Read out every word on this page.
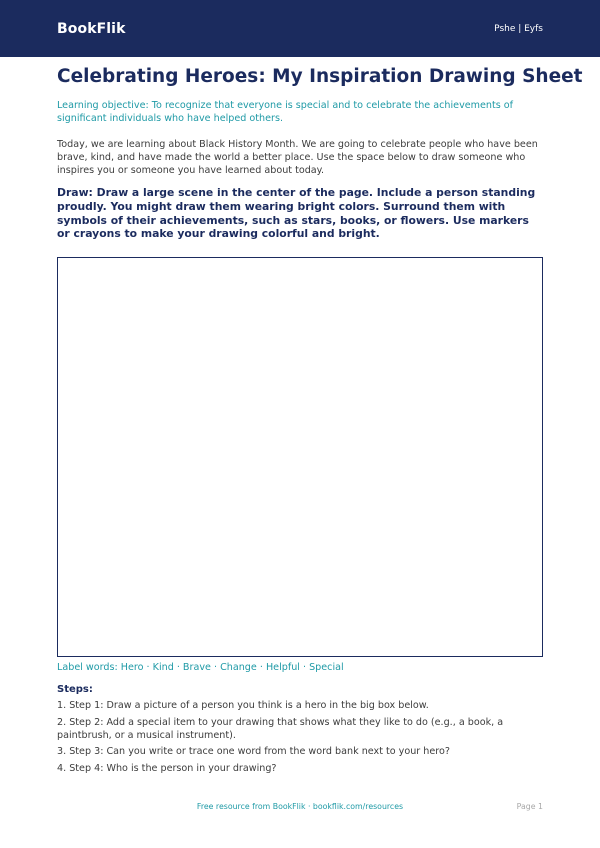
BookFlik	Pshe | Eyfs
Celebrating Heroes: My Inspiration Drawing Sheet

Learning objective: To recognize that everyone is special and to celebrate the achievements of significant individuals who have helped others.

Today, we are learning about Black History Month. We are going to celebrate people who have been brave, kind, and have made the world a better place. Use the space below to draw someone who inspires you or someone you have learned about today.

Draw: Draw a large scene in the center of the page. Include a person standing proudly. You might draw them wearing bright colors. Surround them with symbols of their achievements, such as stars, books, or flowers. Use markers or crayons to make your drawing colorful and bright.

Label words: Hero · Kind · Brave · Change · Helpful · Special

Steps:

1. Step 1: Draw a picture of a person you think is a hero in the big box below.
2. Step 2: Add a special item to your drawing that shows what they like to do (e.g., a book, a paintbrush, or a musical instrument).
3. Step 3: Can you write or trace one word from the word bank next to your hero?
4. Step 4: Who is the person in your drawing?
Free resource from BookFlik · bookflik.com/resources	Page 1
